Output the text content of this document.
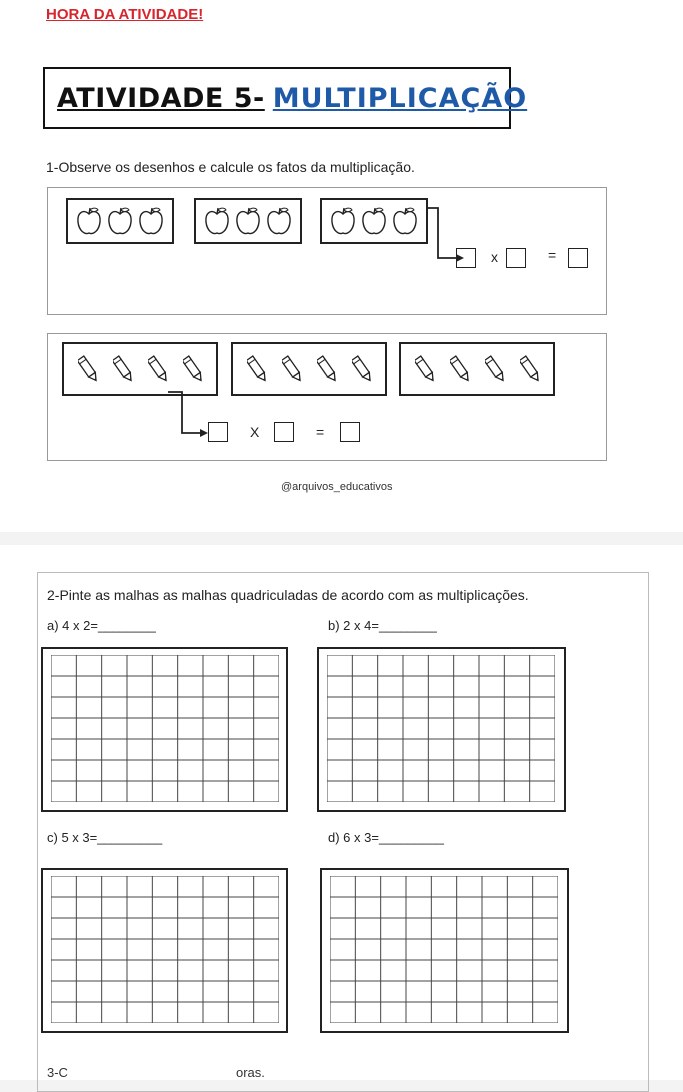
HORA DA ATIVIDADE!
ATIVIDADE 5- MULTIPLICAÇÃO
1-Observe os desenhos e calcule os fatos da multiplicação.
x	=
X	=
@arquivos_educativos
2-Pinte as malhas as malhas quadriculadas de acordo com as multiplicações.
a) 4 x 2=________	b) 2 x 4=________
c) 5 x 3=_________	d) 6 x 3=_________
3-C	oras.
